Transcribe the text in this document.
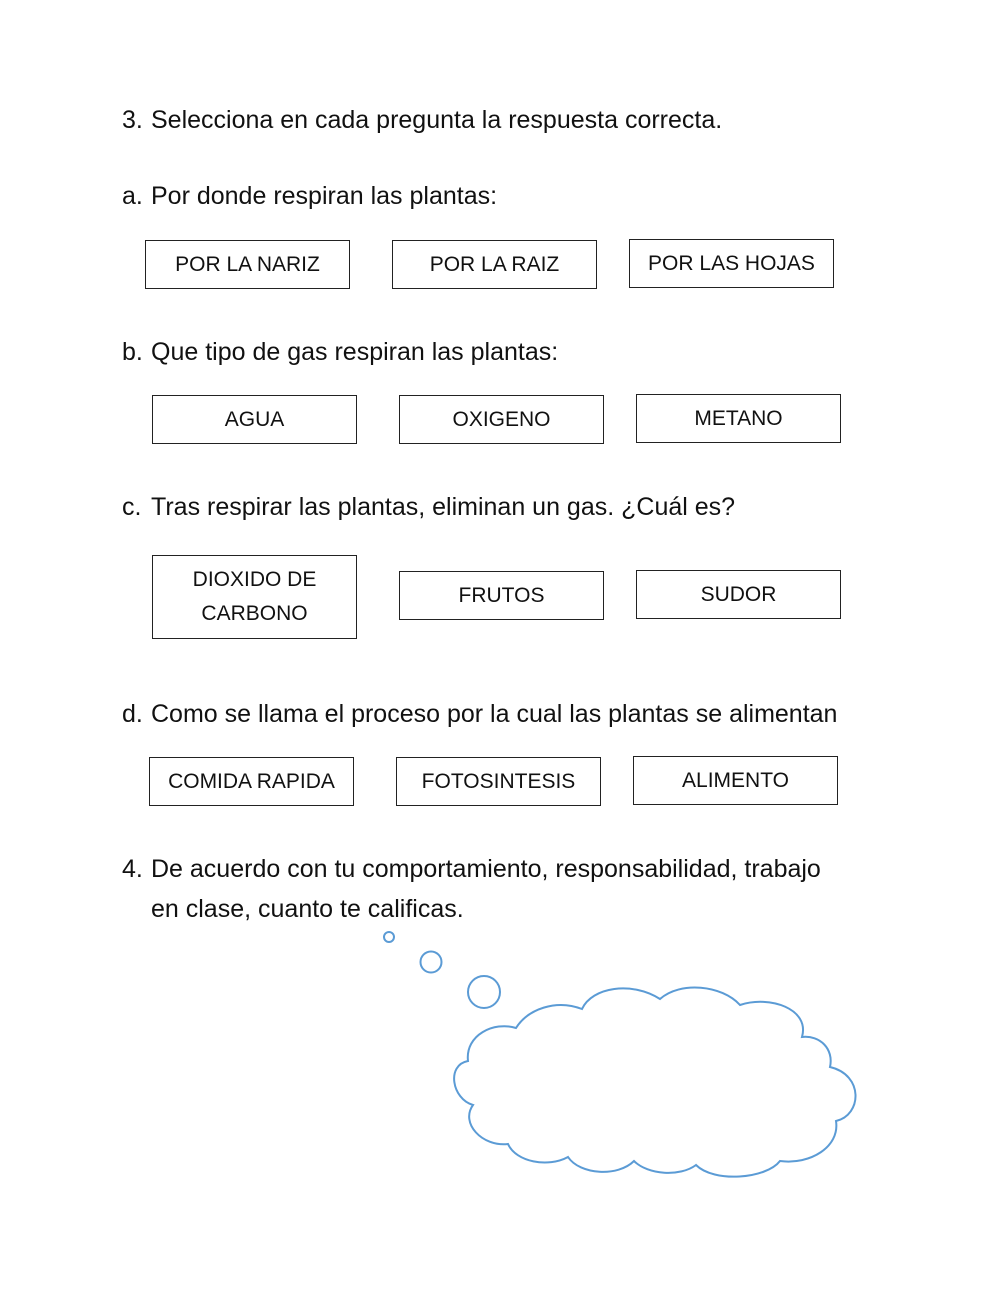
3. Selecciona en cada pregunta la respuesta correcta.
a. Por donde respiran las plantas:
POR LA NARIZ	POR LA RAIZ	POR LAS HOJAS
b. Que tipo de gas respiran las plantas:
AGUA	OXIGENO	METANO
c. Tras respirar las plantas, eliminan un gas. ¿Cuál es?
DIOXIDO DE
CARBONO
FRUTOS	SUDOR
d. Como se llama el proceso por la cual las plantas se alimentan
COMIDA RAPIDA	FOTOSINTESIS	ALIMENTO
4. De acuerdo con tu comportamiento, responsabilidad, trabajo
en clase, cuanto te calificas.
